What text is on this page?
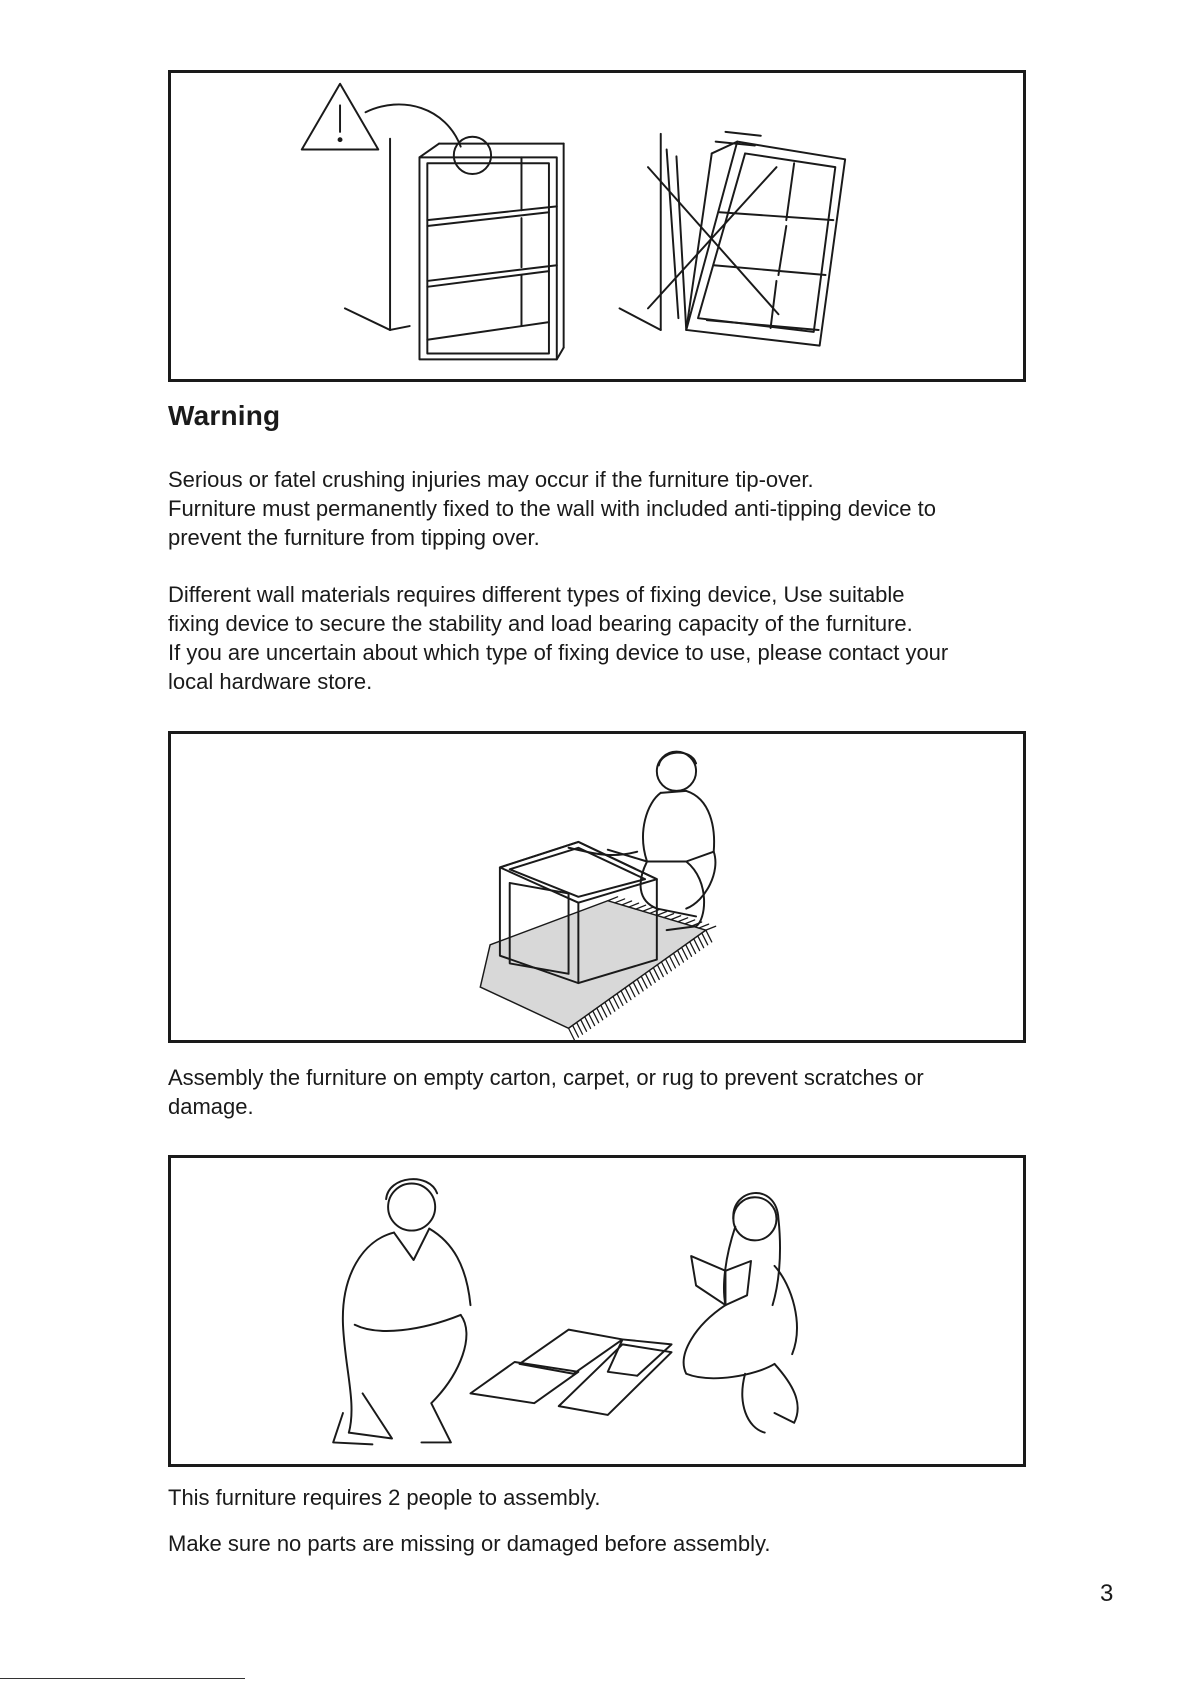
Warning

Serious or fatel crushing injuries may occur if the furniture tip-over.
Furniture must permanently fixed to the wall with included anti-tipping device to
prevent the furniture from tipping over.

Different wall materials requires different types of fixing device, Use suitable
fixing device to secure the stability and load bearing capacity of the furniture.
If you are uncertain about which type of fixing device to use, please contact your
local hardware store.

Assembly the furniture on empty carton, carpet, or rug to prevent scratches or
damage.

This furniture requires 2 people to assembly.

Make sure no parts are missing or damaged before assembly.

3
